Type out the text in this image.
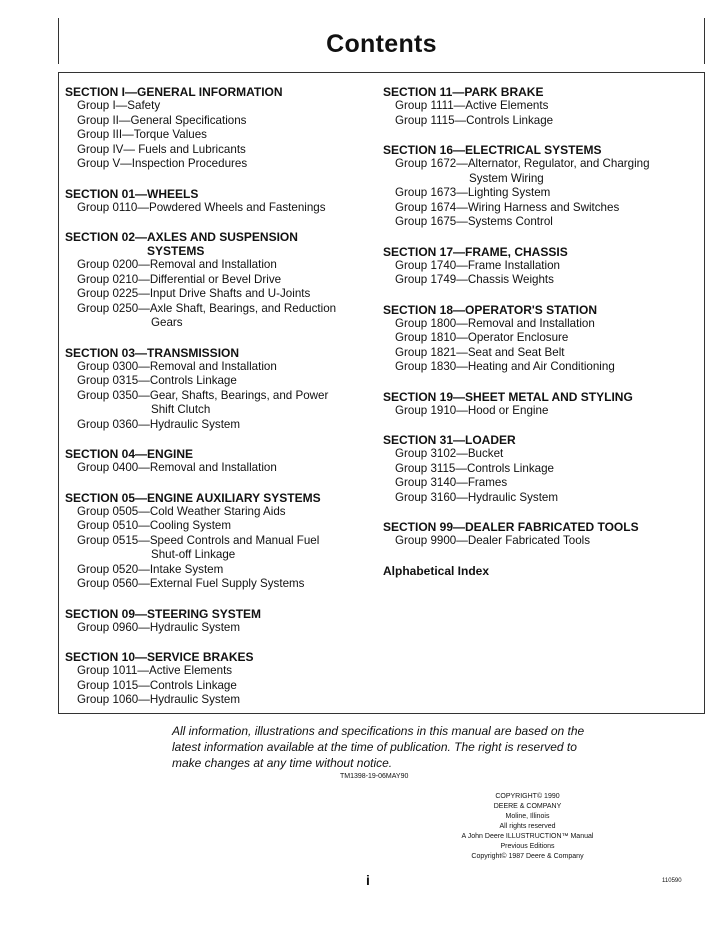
Contents
SECTION I—GENERAL INFORMATION
Group I—Safety
Group II—General Specifications
Group III—Torque Values
Group IV— Fuels and Lubricants
Group V—Inspection Procedures
SECTION 01—WHEELS
Group 0110—Powdered Wheels and Fastenings
SECTION 02—AXLES AND SUSPENSION
SYSTEMS
Group 0200—Removal and Installation
Group 0210—Differential or Bevel Drive
Group 0225—Input Drive Shafts and U-Joints
Group 0250—Axle Shaft, Bearings, and Reduction
Gears
SECTION 03—TRANSMISSION
Group 0300—Removal and Installation
Group 0315—Controls Linkage
Group 0350—Gear, Shafts, Bearings, and Power
Shift Clutch
Group 0360—Hydraulic System
SECTION 04—ENGINE
Group 0400—Removal and Installation
SECTION 05—ENGINE AUXILIARY SYSTEMS
Group 0505—Cold Weather Staring Aids
Group 0510—Cooling System
Group 0515—Speed Controls and Manual Fuel
Shut-off Linkage
Group 0520—Intake System
Group 0560—External Fuel Supply Systems
SECTION 09—STEERING SYSTEM
Group 0960—Hydraulic System
SECTION 10—SERVICE BRAKES
Group 1011—Active Elements
Group 1015—Controls Linkage
Group 1060—Hydraulic System
SECTION 11—PARK BRAKE
Group 1111—Active Elements
Group 1115—Controls Linkage
SECTION 16—ELECTRICAL SYSTEMS
Group 1672—Alternator, Regulator, and Charging
System Wiring
Group 1673—Lighting System
Group 1674—Wiring Harness and Switches
Group 1675—Systems Control
SECTION 17—FRAME, CHASSIS
Group 1740—Frame Installation
Group 1749—Chassis Weights
SECTION 18—OPERATOR'S STATION
Group 1800—Removal and Installation
Group 1810—Operator Enclosure
Group 1821—Seat and Seat Belt
Group 1830—Heating and Air Conditioning
SECTION 19—SHEET METAL AND STYLING
Group 1910—Hood or Engine
SECTION 31—LOADER
Group 3102—Bucket
Group 3115—Controls Linkage
Group 3140—Frames
Group 3160—Hydraulic System
SECTION 99—DEALER FABRICATED TOOLS
Group 9900—Dealer Fabricated Tools
Alphabetical Index
All information, illustrations and specifications in this manual are based on the latest information available at the time of publication. The right is reserved to make changes at any time without notice.
TM1398-19-06MAY90
COPYRIGHT© 1990
DEERE & COMPANY
Moline, Illinois
All rights reserved
A John Deere ILLUSTRUCTION™ Manual
Previous Editions
Copyright© 1987 Deere & Company
i	110590
